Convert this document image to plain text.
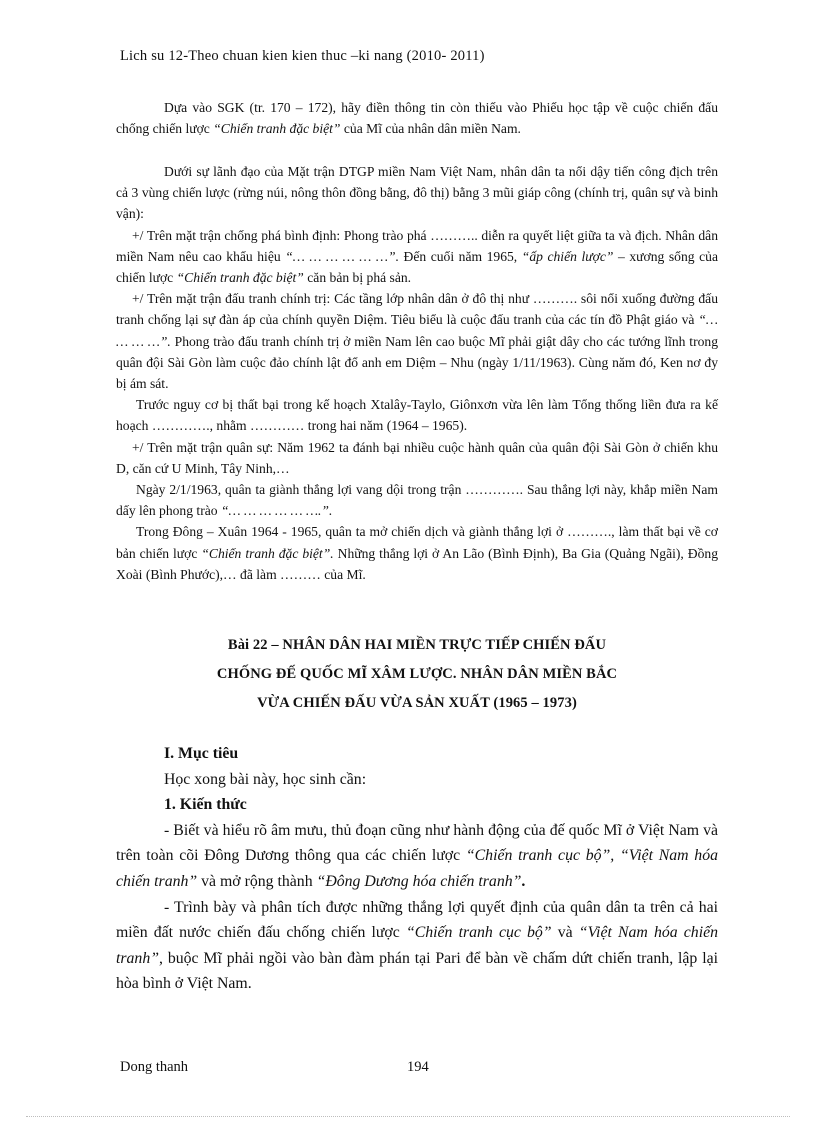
Lich su 12-Theo chuan kien kien thuc –ki nang (2010- 2011)

Dựa vào SGK (tr. 170 – 172), hãy điền thông tin còn thiếu vào Phiếu học tập về cuộc chiến đấu chống chiến lược “Chiến tranh đặc biệt” của Mĩ của nhân dân miền Nam.

Dưới sự lãnh đạo của Mặt trận DTGP miền Nam Việt Nam, nhân dân ta nổi dậy tiến công địch trên cả 3 vùng chiến lược (rừng núi, nông thôn đồng bằng, đô thị) bằng 3 mũi giáp công (chính trị, quân sự và binh vận):

+/ Trên mặt trận chống phá bình định: Phong trào phá ……….. diễn ra quyết liệt giữa ta và địch. Nhân dân miền Nam nêu cao khẩu hiệu “… … … … … …”. Đến cuối năm 1965, “ấp chiến lược” – xương sống của chiến lược “Chiến tranh đặc biệt” căn bản bị phá sản.

+/ Trên mặt trận đấu tranh chính trị: Các tầng lớp nhân dân ở đô thị như ………. sôi nổi xuống đường đấu tranh chống lại sự đàn áp của chính quyền Diệm. Tiêu biểu là cuộc đấu tranh của các tín đồ Phật giáo và “… … … …”. Phong trào đấu tranh chính trị ở miền Nam lên cao buộc Mĩ phải giật dây cho các tướng lĩnh trong quân đội Sài Gòn làm cuộc đảo chính lật đổ anh em Diệm – Nhu (ngày 1/11/1963). Cùng năm đó, Ken nơ đy bị ám sát.

Trước nguy cơ bị thất bại trong kế hoạch Xtalây-Taylo, Giônxơn vừa lên làm Tổng thống liền đưa ra kế hoạch …………., nhằm ………… trong hai năm (1964 – 1965).

+/ Trên mặt trận quân sự: Năm 1962 ta đánh bại nhiều cuộc hành quân của quân đội Sài Gòn ở chiến khu D, căn cứ U Minh, Tây Ninh,…

Ngày 2/1/1963, quân ta giành thắng lợi vang dội trong trận …………. Sau thắng lợi này, khắp miền Nam dấy lên phong trào “… … … … … ….”.

Trong Đông – Xuân 1964 - 1965, quân ta mở chiến dịch và giành thắng lợi ở ………., làm thất bại về cơ bản chiến lược “Chiến tranh đặc biệt”. Những thắng lợi ở An Lão (Bình Định), Ba Gia (Quảng Ngãi), Đồng Xoài (Bình Phước),… đã làm ……… của Mĩ.

Bài 22 – NHÂN DÂN HAI MIỀN TRỰC TIẾP CHIẾN ĐẤU
CHỐNG ĐẾ QUỐC MĨ XÂM LƯỢC. NHÂN DÂN MIỀN BẮC
VỪA CHIẾN ĐẤU VỪA SẢN XUẤT (1965 – 1973)

I. Mục tiêu

Học xong bài này, học sinh cần:

1. Kiến thức

- Biết và hiểu rõ âm mưu, thủ đoạn cũng như hành động của đế quốc Mĩ ở Việt Nam và trên toàn cõi Đông Dương thông qua các chiến lược “Chiến tranh cục bộ”, “Việt Nam hóa chiến tranh” và mở rộng thành “Đông Dương hóa chiến tranh”.

- Trình bày và phân tích được những thắng lợi quyết định của quân dân ta trên cả hai miền đất nước chiến đấu chống chiến lược “Chiến tranh cục bộ” và “Việt Nam hóa chiến tranh”, buộc Mĩ phải ngồi vào bàn đàm phán tại Pari để bàn về chấm dứt chiến tranh, lập lại hòa bình ở Việt Nam.

Dong thanh	194
